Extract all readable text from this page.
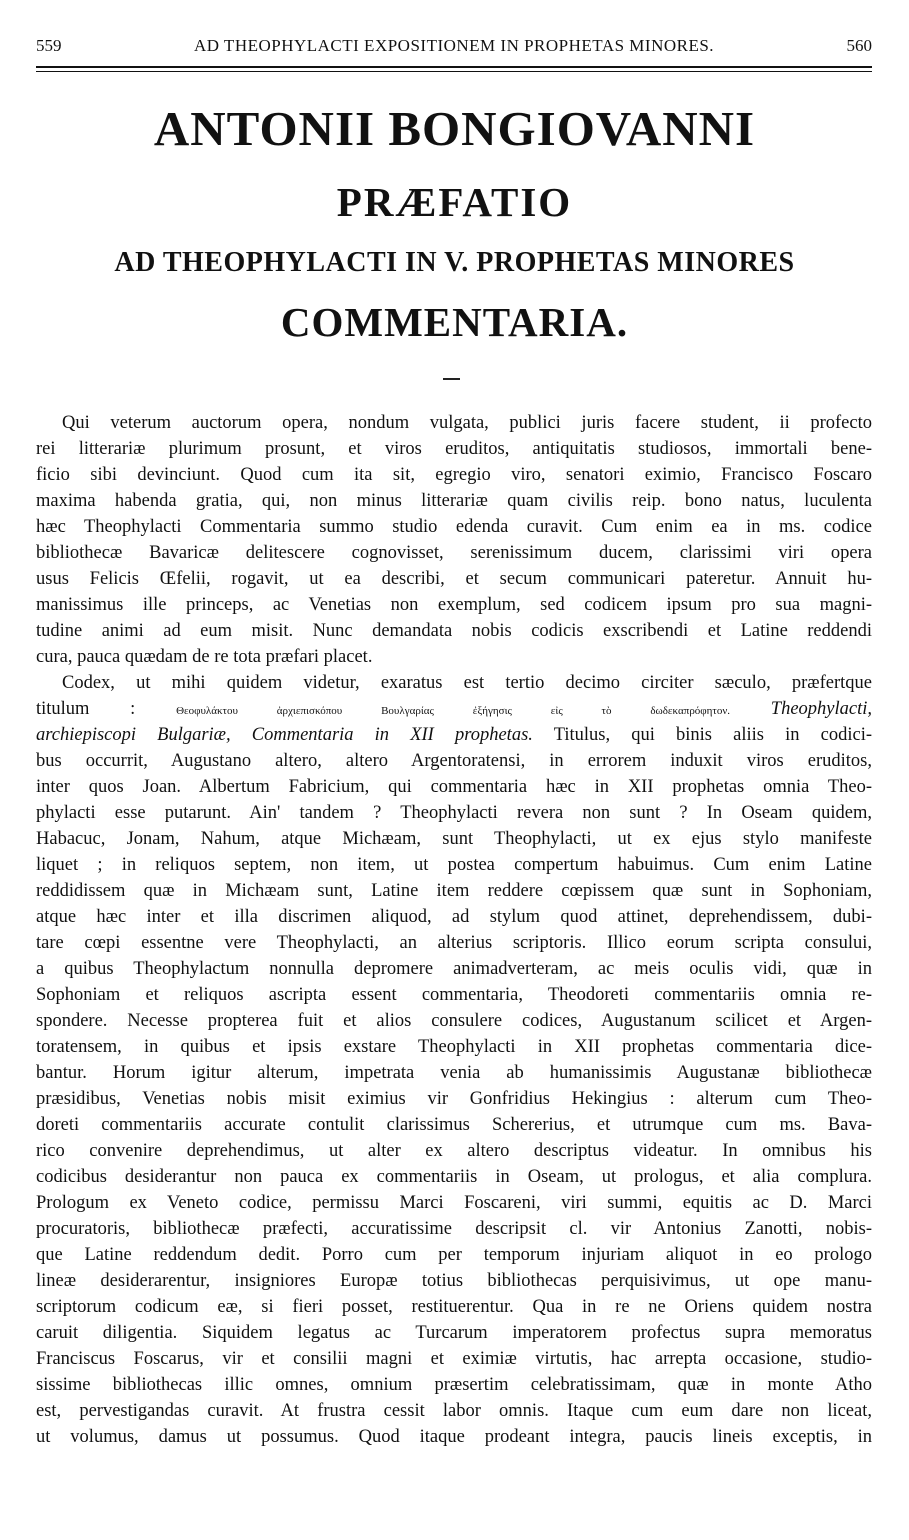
559	AD THEOPHYLACTI EXPOSITIONEM IN PROPHETAS MINORES.	560
ANTONII BONGIOVANNI
PRÆFATIO
AD THEOPHYLACTI IN V. PROPHETAS MINORES
COMMENTARIA.
Qui veterum auctorum opera, nondum vulgata, publici juris facere student, ii profecto
rei litterariæ plurimum prosunt, et viros eruditos, antiquitatis studiosos, immortali bene-
ficio sibi devinciunt. Quod cum ita sit, egregio viro, senatori eximio, Francisco Foscaro
maxima habenda gratia, qui, non minus litterariæ quam civilis reip. bono natus, luculenta
hæc Theophylacti Commentaria summo studio edenda curavit. Cum enim ea in ms. codice
bibliothecæ Bavaricæ delitescere cognovisset, serenissimum ducem, clarissimi viri opera
usus Felicis Œfelii, rogavit, ut ea describi, et secum communicari pateretur. Annuit hu-
manissimus ille princeps, ac Venetias non exemplum, sed codicem ipsum pro sua magni-
tudine animi ad eum misit. Nunc demandata nobis codicis exscribendi et Latine reddendi
cura, pauca quædam de re tota præfari placet.
Codex, ut mihi quidem videtur, exaratus est tertio decimo circiter sæculo, præfertque
titulum :	Θεοφυλάκτου ἀρχιεπισκόπου Βουλγαρίας ἐξήγησις εἰς τὸ δωδεκαπρόφητον. Theophylacti,
archiepiscopi Bulgariæ, Commentaria in XII prophetas. Titulus, qui binis aliis in codici-
bus occurrit, Augustano altero, altero Argentoratensi, in errorem induxit viros eruditos,
inter quos Joan. Albertum Fabricium, qui commentaria hæc in XII prophetas omnia Theo-
phylacti esse putarunt. Ain' tandem ? Theophylacti revera non sunt ? In Oseam quidem,
Habacuc, Jonam, Nahum, atque Michæam, sunt Theophylacti, ut ex ejus stylo manifeste
liquet ; in reliquos septem, non item, ut postea compertum habuimus. Cum enim Latine
reddidissem quæ in Michæam sunt, Latine item reddere cœpissem quæ sunt in Sophoniam,
atque hæc inter et illa discrimen aliquod, ad stylum quod attinet, deprehendissem, dubi-
tare cœpi essentne vere Theophylacti, an alterius scriptoris. Illico eorum scripta consului,
a quibus Theophylactum nonnulla depromere animadverteram, ac meis oculis vidi, quæ in
Sophoniam et reliquos ascripta essent commentaria, Theodoreti commentariis omnia re-
spondere. Necesse propterea fuit et alios consulere codices, Augustanum scilicet et Argen-
toratensem, in quibus et ipsis exstare Theophylacti in XII prophetas commentaria dice-
bantur. Horum igitur alterum, impetrata venia ab humanissimis Augustanæ bibliothecæ
præsidibus, Venetias nobis misit eximius vir Gonfridius Hekingius : alterum cum Theo-
doreti commentariis accurate contulit clarissimus Schererius, et utrumque cum ms. Bava-
rico convenire deprehendimus, ut alter ex altero descriptus videatur. In omnibus his
codicibus desiderantur non pauca ex commentariis in Oseam, ut prologus, et alia complura.
Prologum ex Veneto codice, permissu Marci Foscareni, viri summi, equitis ac D. Marci
procuratoris, bibliothecæ præfecti, accuratissime descripsit cl. vir Antonius Zanotti, nobis-
que Latine reddendum dedit. Porro cum per temporum injuriam aliquot in eo prologo
lineæ desiderarentur, insigniores Europæ totius bibliothecas perquisivimus, ut ope manu-
scriptorum codicum eæ, si fieri posset, restituerentur. Qua in re ne Oriens quidem nostra
caruit diligentia. Siquidem legatus ac Turcarum imperatorem profectus supra memoratus
Franciscus Foscarus, vir et consilii magni et eximiæ virtutis, hac arrepta occasione, studio-
sissime bibliothecas illic omnes, omnium præsertim celebratissimam, quæ in monte Atho
est, pervestigandas curavit. At frustra cessit labor omnis. Itaque cum eum dare non liceat,
ut volumus, damus ut possumus. Quod itaque prodeant integra, paucis lineis exceptis, in
